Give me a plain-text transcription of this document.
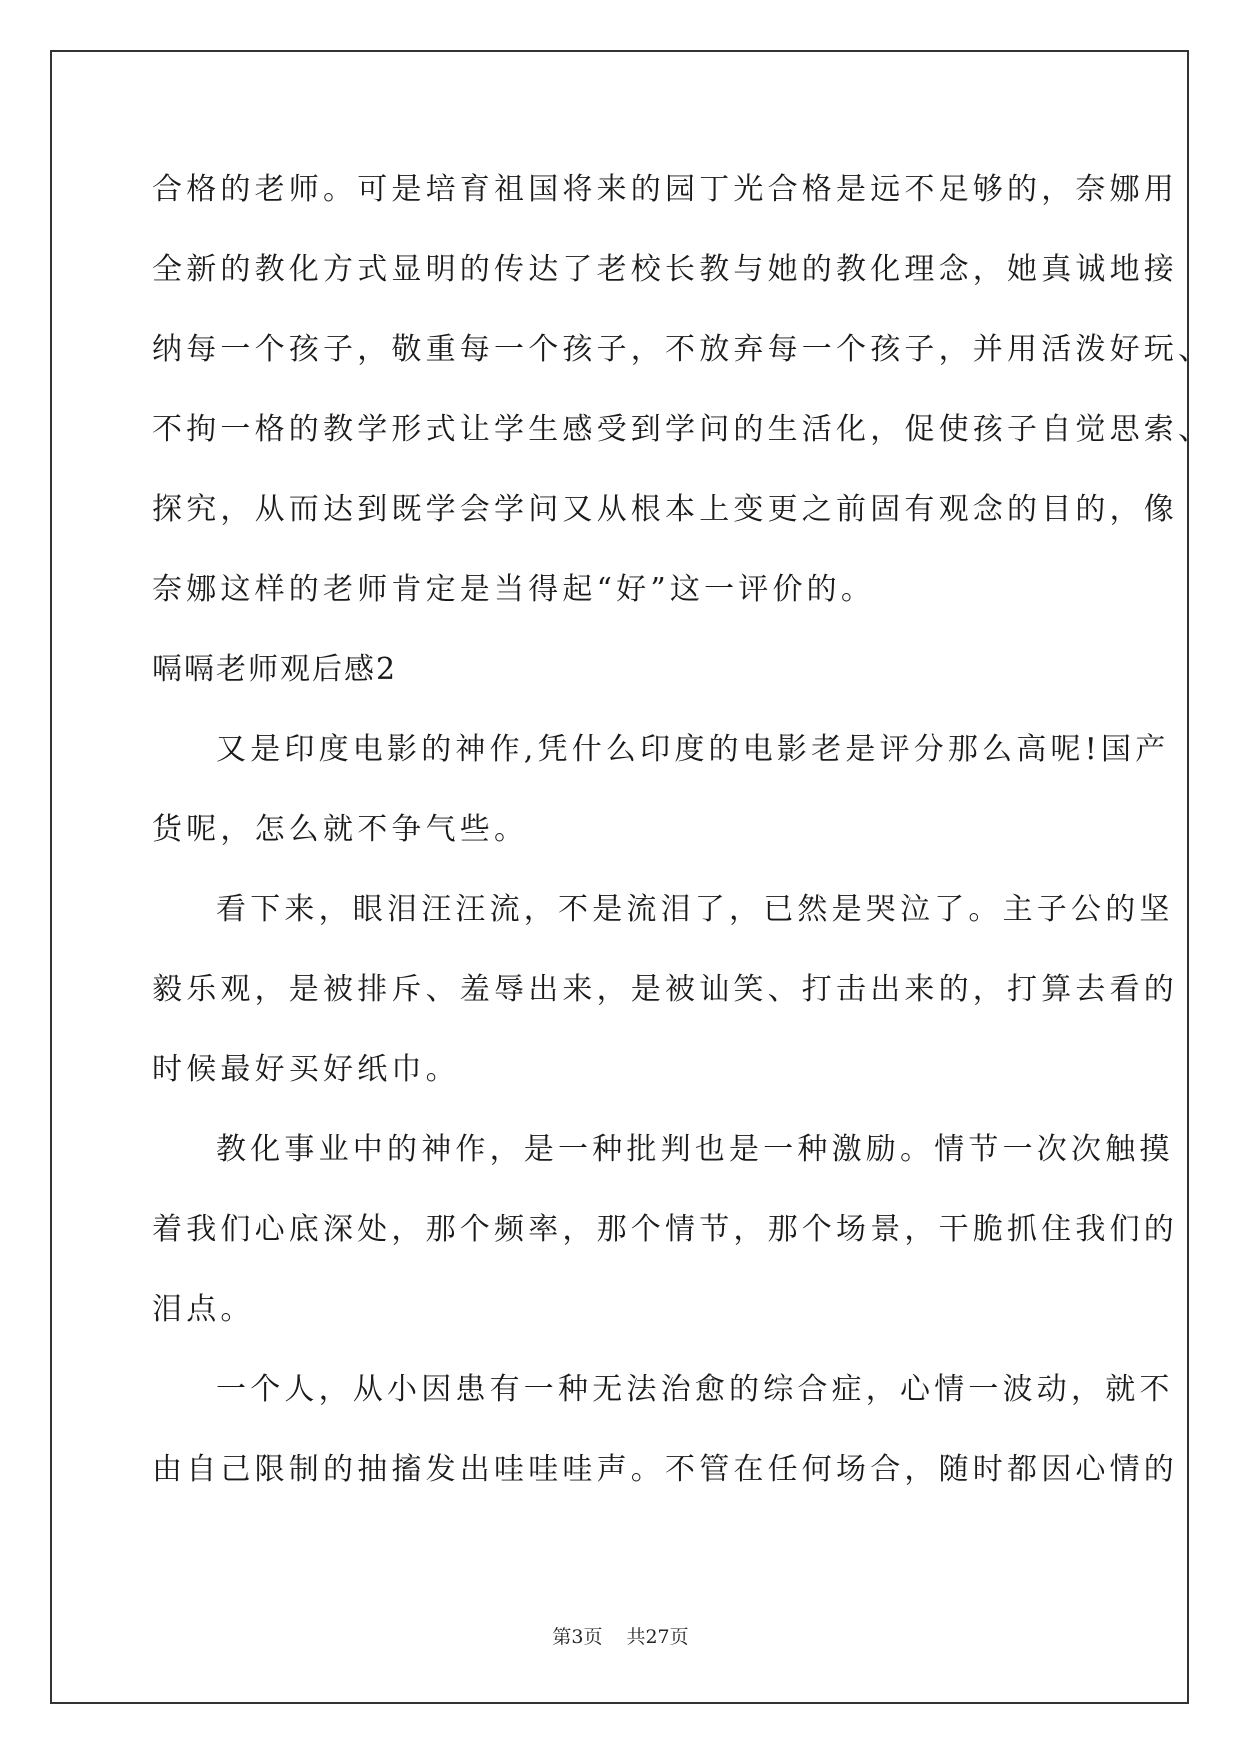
合格的老师。可是培育祖国将来的园丁光合格是远不足够的，奈娜用
全新的教化方式显明的传达了老校长教与她的教化理念，她真诚地接
纳每一个孩子，敬重每一个孩子，不放弃每一个孩子，并用活泼好玩、
不拘一格的教学形式让学生感受到学问的生活化，促使孩子自觉思索、
探究，从而达到既学会学问又从根本上变更之前固有观念的目的，像
奈娜这样的老师肯定是当得起“好”这一评价的。
嗝嗝老师观后感2
又是印度电影的神作,凭什么印度的电影老是评分那么高呢!国产
货呢，怎么就不争气些。
看下来，眼泪汪汪流，不是流泪了，已然是哭泣了。主子公的坚
毅乐观，是被排斥、羞辱出来，是被讪笑、打击出来的，打算去看的
时候最好买好纸巾。
教化事业中的神作，是一种批判也是一种激励。情节一次次触摸
着我们心底深处，那个频率，那个情节，那个场景，干脆抓住我们的
泪点。
一个人，从小因患有一种无法治愈的综合症，心情一波动，就不
由自己限制的抽搐发出哇哇哇声。不管在任何场合，随时都因心情的
第3页 共27页
